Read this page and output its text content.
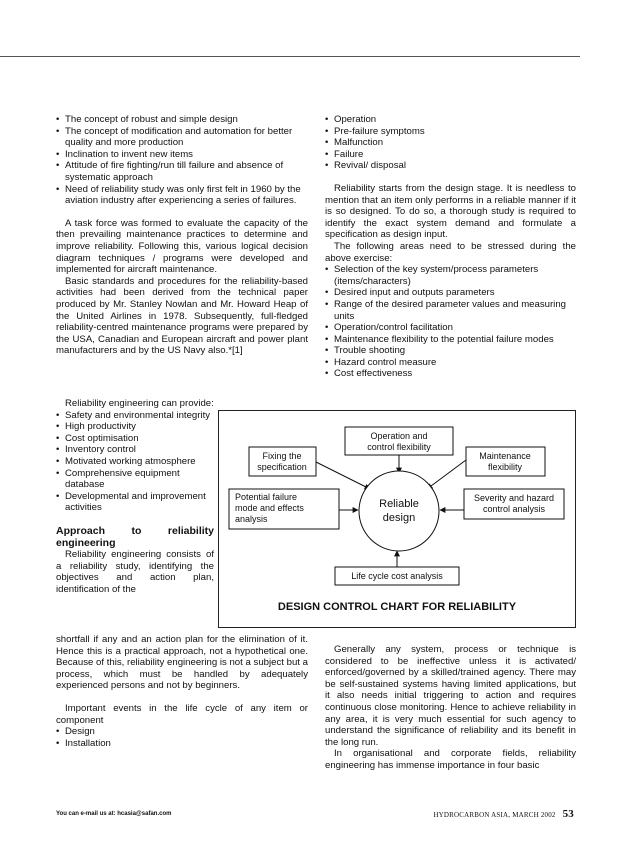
• The concept of robust and simple design
• The concept of modification and automation for better quality and more production
• Inclination to invent new items
• Attitude of fire fighting/run till failure and absence of systematic approach
• Need of reliability study was only first felt in 1960 by the aviation industry after experiencing a series of failures.

A task force was formed to evaluate the capacity of the then prevailing maintenance practices to determine and improve reliability. Following this, various logical decision diagram techniques / programs were developed and implemented for aircraft maintenance.

Basic standards and procedures for the reliability-based activities had been derived from the technical paper produced by Mr. Stanley Nowlan and Mr. Howard Heap of the United Airlines in 1978. Subsequently, full-fledged reliability-centred maintenance programs were prepared by the USA, Canadian and European aircraft and power plant manufacturers and by the US Navy also.*[1]

Reliability engineering can provide:

• Safety and environmental integrity
• High productivity
• Cost optimisation
• Inventory control
• Motivated working atmosphere
• Comprehensive equipment database
• Developmental and improvement activities
Approach to reliability engineering

Reliability engineering consists of a reliability study, identifying the objectives and action plan, identification of the

shortfall if any and an action plan for the elimination of it. Hence this is a practical approach, not a hypothetical one. Because of this, reliability engineering is not a subject but a process, which must be handled by adequately experienced persons and not by beginners.

Important events in the life cycle of any item or component

• Design
• Installation
• Operation
• Pre-failure symptoms
• Malfunction
• Failure
• Revival/ disposal

Reliability starts from the design stage. It is needless to mention that an item only performs in a reliable manner if it is so designed. To do so, a thorough study is required to identify the exact system demand and formulate a specification as design input.

The following areas need to be stressed during the above exercise:

• Selection of the key system/process parameters (items/characters)
• Desired input and outputs parameters
• Range of the desired parameter values and measuring units
• Operation/control facilitation
• Maintenance flexibility to the potential failure modes
• Trouble shooting
• Hazard control measure
• Cost effectiveness
Reliable
design
Operation and
control flexibility
Fixing the
specification
Maintenance
flexibility
Potential failure
mode and effects
analysis
Severity and hazard
control analysis
Life cycle cost analysis
DESIGN CONTROL CHART FOR RELIABILITY

Generally any system, process or technique is considered to be ineffective unless it is activated/ enforced/governed by a skilled/trained agency. There may be self-sustained systems having limited applications, but it also needs initial triggering to action and requires continuous close monitoring. Hence to achieve reliability in any area, it is very much essential for such agency to understand the significance of reliability and its benefit in the long run.

In organisational and corporate fields, reliability engineering has immense importance in four basic

You can e-mail us at: hcasia@safan.com	HYDROCARBON ASIA, MARCH 2002 53
